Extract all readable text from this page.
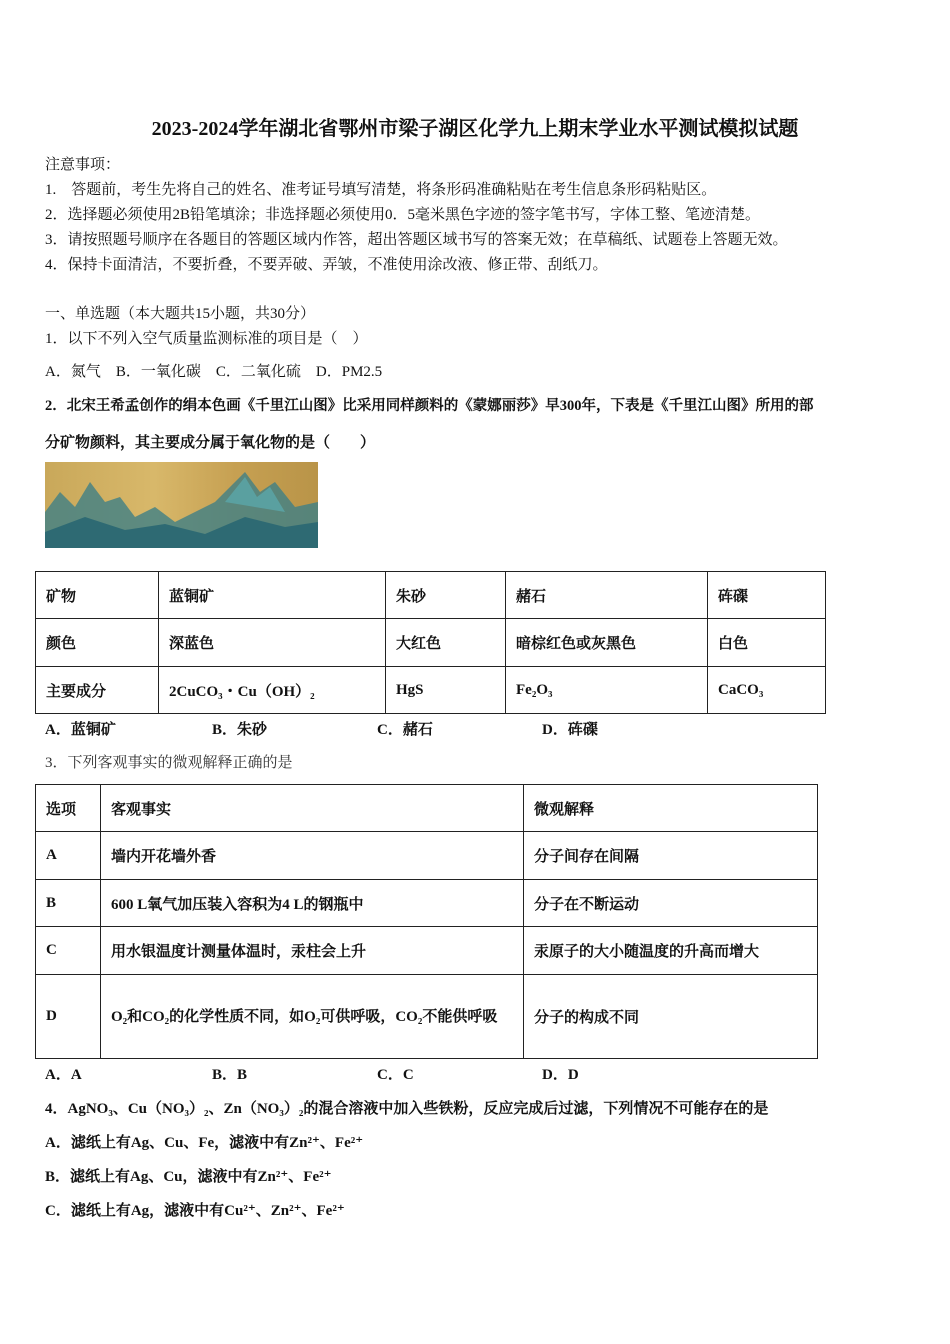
2023-2024学年湖北省鄂州市梁子湖区化学九上期末学业水平测试模拟试题
注意事项：
1.　答题前，考生先将自己的姓名、准考证号填写清楚，将条形码准确粘贴在考生信息条形码粘贴区。
2．选择题必须使用2B铅笔填涂；非选择题必须使用0．5毫米黑色字迹的签字笔书写，字体工整、笔迹清楚。
3．请按照题号顺序在各题目的答题区域内作答，超出答题区域书写的答案无效；在草稿纸、试题卷上答题无效。
4．保持卡面清洁，不要折叠，不要弄破、弄皱，不准使用涂改液、修正带、刮纸刀。
一、单选题（本大题共15小题，共30分）
1．以下不列入空气质量监测标准的项目是（　）
A．氮气　 B．一氧化碳　 C．二氧化硫　 D．PM2.5
2．北宋王希孟创作的绢本色画《千里江山图》比采用同样颜料的《蒙娜丽莎》早300年，下表是《千里江山图》所用的部
分矿物颜料，其主要成分属于氧化物的是（　　）
矿物	蓝铜矿	朱砂	赭石	砗磲
颜色	深蓝色	大红色	暗棕红色或灰黑色	白色
主要成分	2CuCO₃・Cu（OH）₂	HgS	Fe₂O₃	CaCO₃
A．蓝铜矿	B．朱砂	C．赭石	D．砗磲
3．下列客观事实的微观解释正确的是
选项	客观事实	微观解释
A	墙内开花墙外香	分子间存在间隔
B	600 L氧气加压装入容积为4 L的钢瓶中	分子在不断运动
C	用水银温度计测量体温时，汞柱会上升	汞原子的大小随温度的升高而增大
D	O₂和CO₂的化学性质不同，如O₂可供呼吸，CO₂不能供呼吸	分子的构成不同
A．A	B．B	C．C	D．D
4．AgNO₃、Cu（NO₃）₂、Zn（NO₃）₂的混合溶液中加入些铁粉，反应完成后过滤，下列情况不可能存在的是
A．滤纸上有Ag、Cu、Fe，滤液中有Zn²⁺、Fe²⁺
B．滤纸上有Ag、Cu，滤液中有Zn²⁺、Fe²⁺
C．滤纸上有Ag，滤液中有Cu²⁺、Zn²⁺、Fe²⁺
